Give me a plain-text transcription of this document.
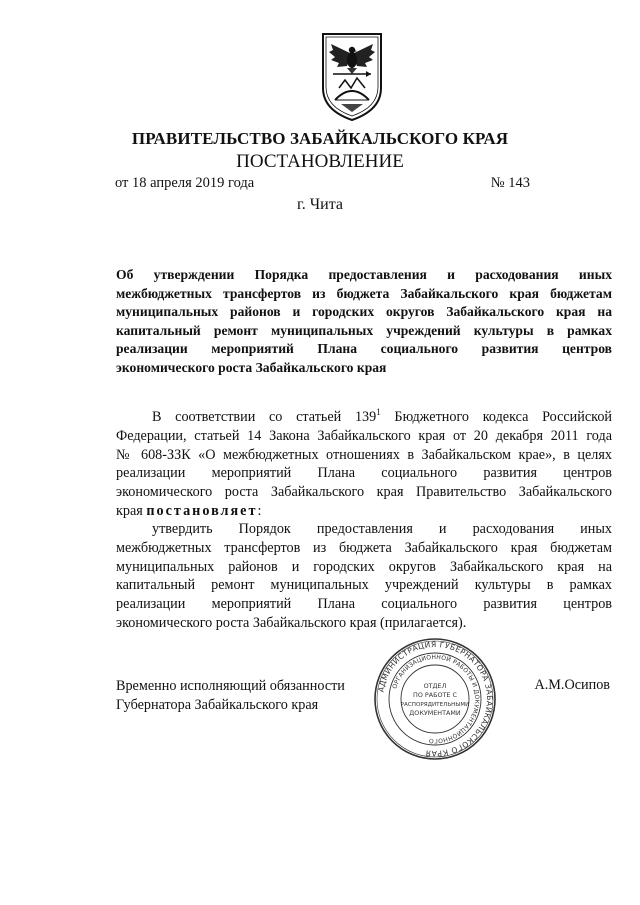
ПРАВИТЕЛЬСТВО ЗАБАЙКАЛЬСКОГО КРАЯ
ПОСТАНОВЛЕНИЕ
от 18 апреля 2019 года	№ 143
г. Чита
Об утверждении Порядка предоставления и расходования иных
межбюджетных трансфертов из бюджета Забайкальского края бюджетам
муниципальных районов и городских округов Забайкальского края на
капитальный ремонт муниципальных учреждений культуры в рамках
реализации мероприятий Плана социального развития центров
экономического роста Забайкальского края
В соответствии со статьей $139^1$ Бюджетного кодекса Российской
Федерации, статьей 14 Закона Забайкальского края от 20 декабря 2011 года
№ 608-ЗЗК «О межбюджетных отношениях в Забайкальском крае», в целях
реализации мероприятий Плана социального развития центров
экономического роста Забайкальского края Правительство Забайкальского
края постановляет:
утвердить Порядок предоставления и расходования иных
межбюджетных трансфертов из бюджета Забайкальского края бюджетам
муниципальных районов и городских округов Забайкальского края на
капитальный ремонт муниципальных учреждений культуры в рамках
реализации мероприятий Плана социального развития центров
экономического роста Забайкальского края (прилагается).
Временно исполняющий обязанности
Губернатора Забайкальского края
А.М.Осипов
АДМИНИСТРАЦИЯ ГУБЕРНАТОРА ЗАБАЙКАЛЬСКОГО КРАЯ
ОРГАНИЗАЦИОННОЙ РАБОТЫ И ДОКУМЕНТАЦИОННОГО
ОТДЕЛ
ПО РАБОТЕ С
РАСПОРЯДИТЕЛЬНЫМИ
ДОКУМЕНТАМИ
